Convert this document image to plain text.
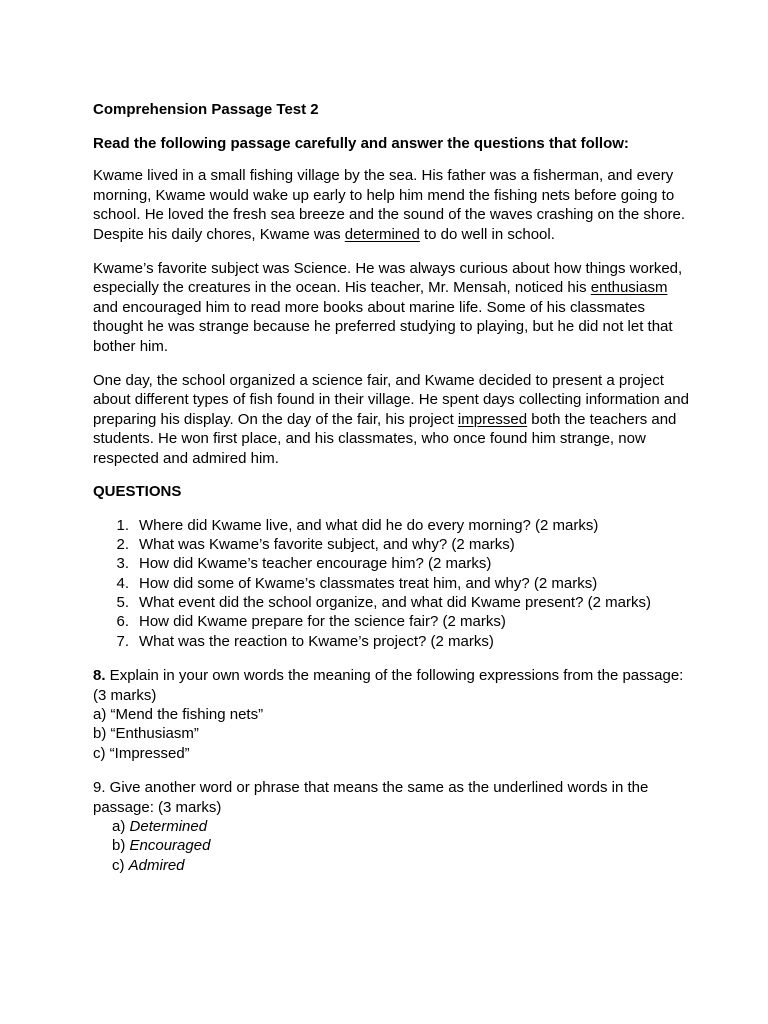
Comprehension Passage Test 2

Read the following passage carefully and answer the questions that follow:

Kwame lived in a small fishing village by the sea. His father was a fisherman, and every morning, Kwame would wake up early to help him mend the fishing nets before going to school. He loved the fresh sea breeze and the sound of the waves crashing on the shore. Despite his daily chores, Kwame was determined to do well in school.

Kwame’s favorite subject was Science. He was always curious about how things worked, especially the creatures in the ocean. His teacher, Mr. Mensah, noticed his enthusiasm and encouraged him to read more books about marine life. Some of his classmates thought he was strange because he preferred studying to playing, but he did not let that bother him.

One day, the school organized a science fair, and Kwame decided to present a project about different types of fish found in their village. He spent days collecting information and preparing his display. On the day of the fair, his project impressed both the teachers and students. He won first place, and his classmates, who once found him strange, now respected and admired him.

QUESTIONS

1. Where did Kwame live, and what did he do every morning? (2 marks)
2. What was Kwame’s favorite subject, and why? (2 marks)
3. How did Kwame’s teacher encourage him? (2 marks)
4. How did some of Kwame’s classmates treat him, and why? (2 marks)
5. What event did the school organize, and what did Kwame present? (2 marks)
6. How did Kwame prepare for the science fair? (2 marks)
7. What was the reaction to Kwame’s project? (2 marks)
8. Explain in your own words the meaning of the following expressions from the passage: (3 marks)
a) “Mend the fishing nets”
b) “Enthusiasm”
c) “Impressed”
9. Give another word or phrase that means the same as the underlined words in the passage: (3 marks)
a) Determined
b) Encouraged
c) Admired
